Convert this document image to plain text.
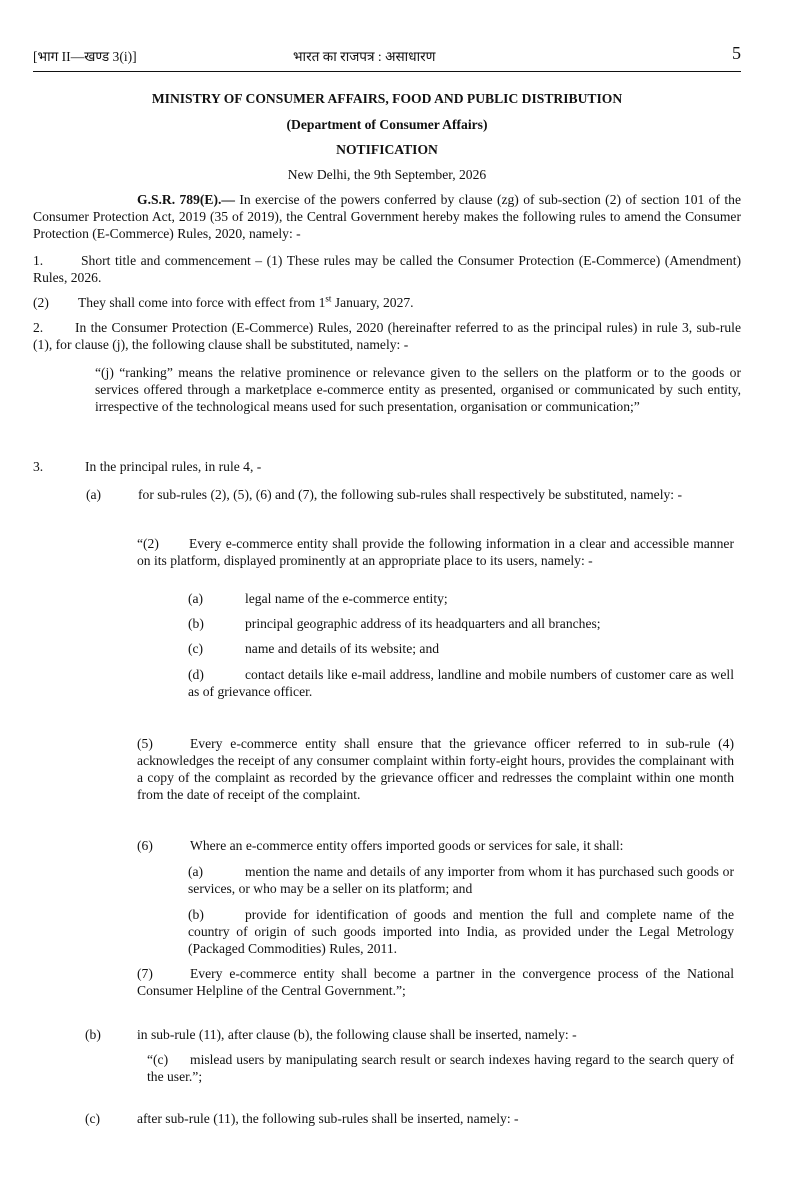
[भाग II—खण्ड 3(i)]	भारत का राजपत्र : असाधारण	5
MINISTRY OF CONSUMER AFFAIRS, FOOD AND PUBLIC DISTRIBUTION
(Department of Consumer Affairs)
NOTIFICATION
New Delhi, the 9th September, 2026
G.S.R. 789(E).— In exercise of the powers conferred by clause (zg) of sub-section (2) of section 101 of the Consumer Protection Act, 2019 (35 of 2019), the Central Government hereby makes the following rules to amend the Consumer Protection (E-Commerce) Rules, 2020, namely: -
1.	Short title and commencement – (1) These rules may be called the Consumer Protection (E-Commerce) (Amendment) Rules, 2026.
(2) They shall come into force with effect from 1st January, 2027.
2. In the Consumer Protection (E-Commerce) Rules, 2020 (hereinafter referred to as the principal rules) in rule 3, sub-rule (1), for clause (j), the following clause shall be substituted, namely: -
“(j) “ranking” means the relative prominence or relevance given to the sellers on the platform or to the goods or services offered through a marketplace e-commerce entity as presented, organised or communicated by such entity, irrespective of the technological means used for such presentation, organisation or communication;”
3.	In the principal rules, in rule 4, -
(a)	for sub-rules (2), (5), (6) and (7), the following sub-rules shall respectively be substituted, namely: -
“(2) Every e-commerce entity shall provide the following information in a clear and accessible manner on its platform, displayed prominently at an appropriate place to its users, namely: -
(a)	legal name of the e-commerce entity;
(b)	principal geographic address of its headquarters and all branches;
(c)	name and details of its website; and
(d)	contact details like e-mail address, landline and mobile numbers of customer care as well as of grievance officer.
(5)	Every e-commerce entity shall ensure that the grievance officer referred to in sub-rule (4) acknowledges the receipt of any consumer complaint within forty-eight hours, provides the complainant with a copy of the complaint as recorded by the grievance officer and redresses the complaint within one month from the date of receipt of the complaint.
(6)	Where an e-commerce entity offers imported goods or services for sale, it shall:
(a)	mention the name and details of any importer from whom it has purchased such goods or services, or who may be a seller on its platform; and
(b)	provide for identification of goods and mention the full and complete name of the country of origin of such goods imported into India, as provided under the Legal Metrology (Packaged Commodities) Rules, 2011.
(7)	Every e-commerce entity shall become a partner in the convergence process of the National Consumer Helpline of the Central Government.”;
(b)	in sub-rule (11), after clause (b), the following clause shall be inserted, namely: -
“(c) mislead users by manipulating search result or search indexes having regard to the search query of the user.”;
(c)	after sub-rule (11), the following sub-rules shall be inserted, namely: -
